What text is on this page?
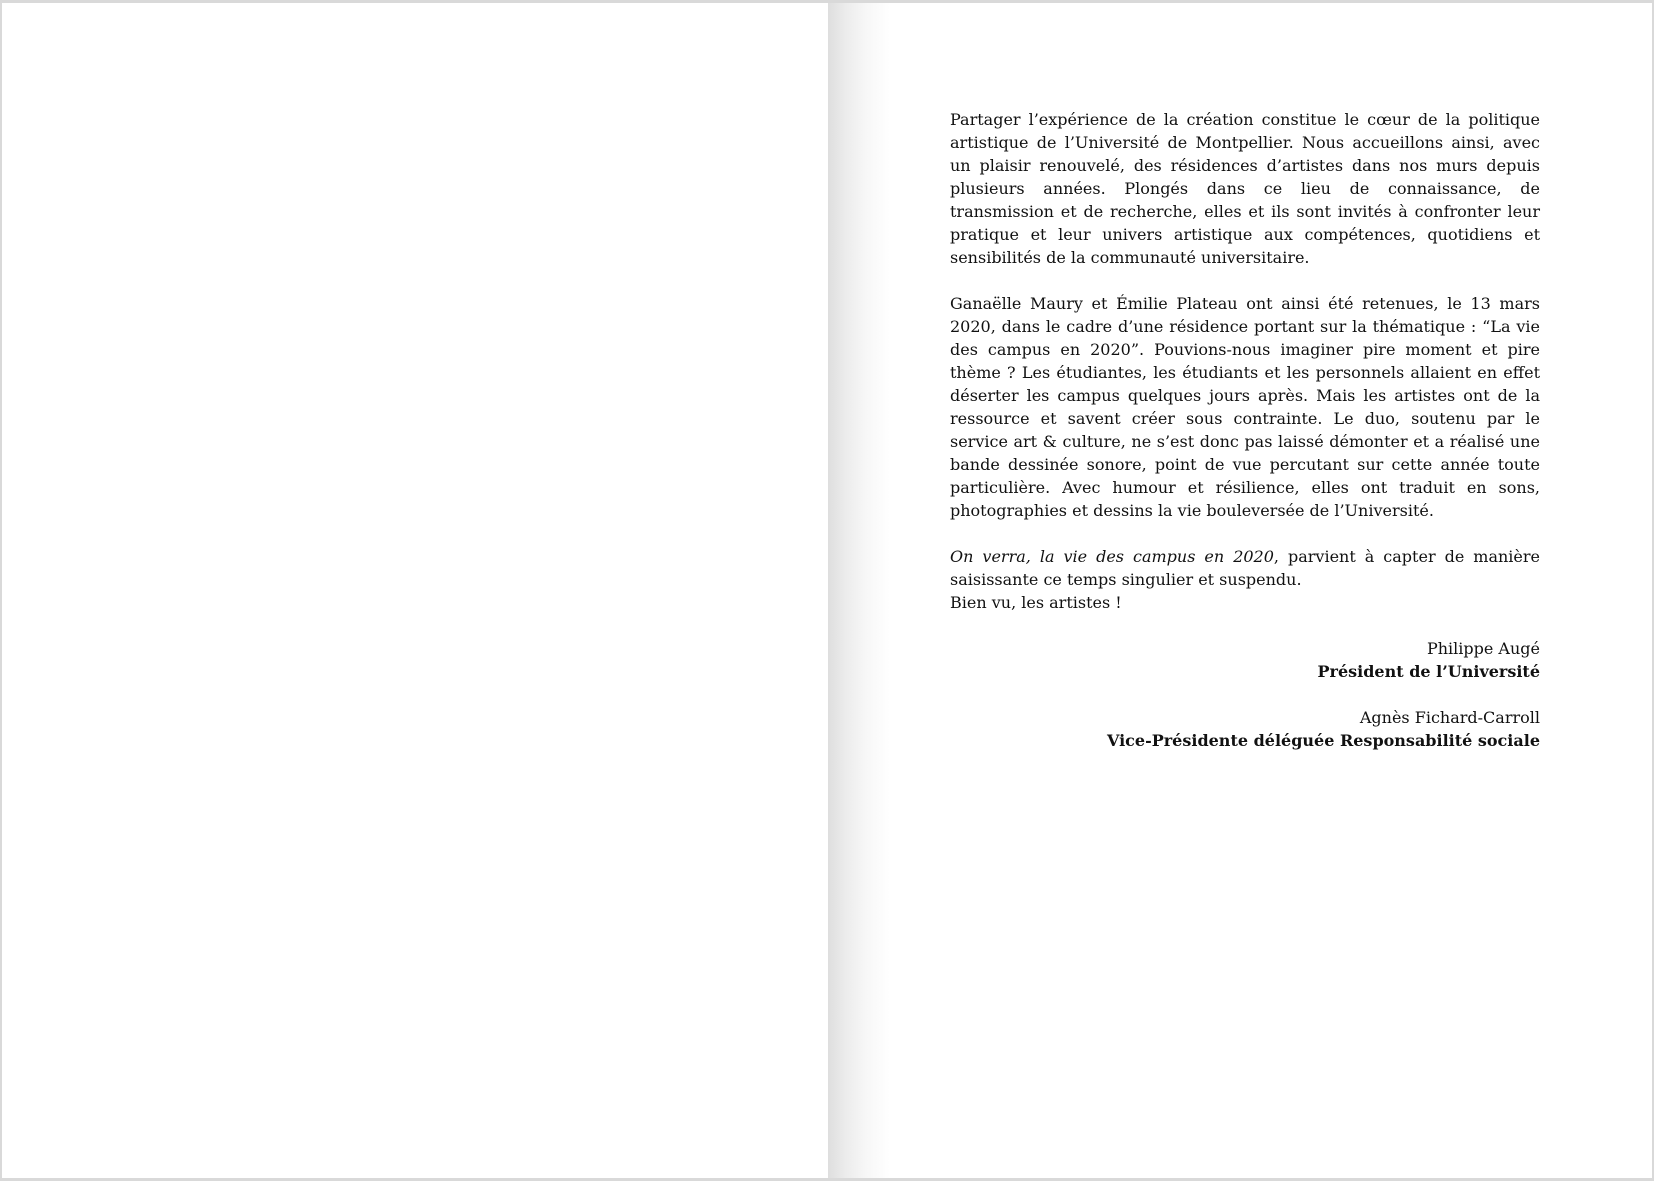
Partager l’expérience de la création constitue le cœur de la politique artistique de l’Université de Montpellier. Nous accueillons ainsi, avec un plaisir renouvelé, des résidences d’artistes dans nos murs depuis plusieurs années. Plongés dans ce lieu de connaissance, de transmission et de recherche, elles et ils sont invités à confronter leur pratique et leur univers artistique aux compétences, quotidiens et sensibilités de la communauté universitaire.

Ganaëlle Maury et Émilie Plateau ont ainsi été retenues, le 13 mars 2020, dans le cadre d’une résidence portant sur la thématique : “La vie des campus en 2020”. Pouvions-nous imaginer pire moment et pire thème ? Les étudiantes, les étudiants et les personnels allaient en effet déserter les campus quelques jours après. Mais les artistes ont de la ressource et savent créer sous contrainte. Le duo, soutenu par le service art & culture, ne s’est donc pas laissé démonter et a réalisé une bande dessinée sonore, point de vue percutant sur cette année toute particulière. Avec humour et résilience, elles ont traduit en sons, photographies et dessins la vie bouleversée de l’Université.

On verra, la vie des campus en 2020, parvient à capter de manière saisissante ce temps singulier et suspendu.

Bien vu, les artistes !

Philippe Augé
Président de l’Université
Agnès Fichard-Carroll
Vice-Présidente déléguée Responsabilité sociale
